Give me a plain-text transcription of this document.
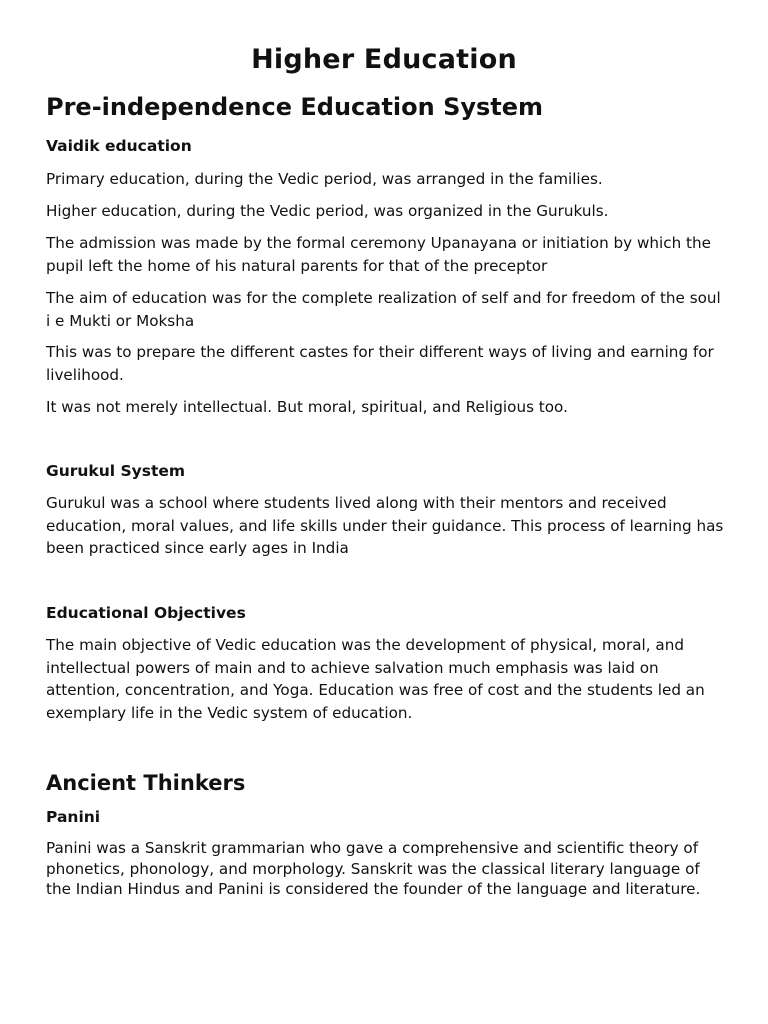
Higher Education
Pre-independence Education System
Vaidik education

Primary education, during the Vedic period, was arranged in the families.

Higher education, during the Vedic period, was organized in the Gurukuls.

The admission was made by the formal ceremony Upanayana or initiation by which the pupil left the home of his natural parents for that of the preceptor

The aim of education was for the complete realization of self and for freedom of the soul i e Mukti or Moksha

This was to prepare the different castes for their different ways of living and earning for livelihood.

It was not merely intellectual. But moral, spiritual, and Religious too.

Gurukul System

Gurukul was a school where students lived along with their mentors and received education, moral values, and life skills under their guidance. This process of learning has been practiced since early ages in India

Educational Objectives

The main objective of Vedic education was the development of physical, moral, and intellectual powers of main and to achieve salvation much emphasis was laid on attention, concentration, and Yoga. Education was free of cost and the students led an exemplary life in the Vedic system of education.

Ancient Thinkers
Panini

Panini was a Sanskrit grammarian who gave a comprehensive and scientific theory of phonetics, phonology, and morphology. Sanskrit was the classical literary language of the Indian Hindus and Panini is considered the founder of the language and literature.
